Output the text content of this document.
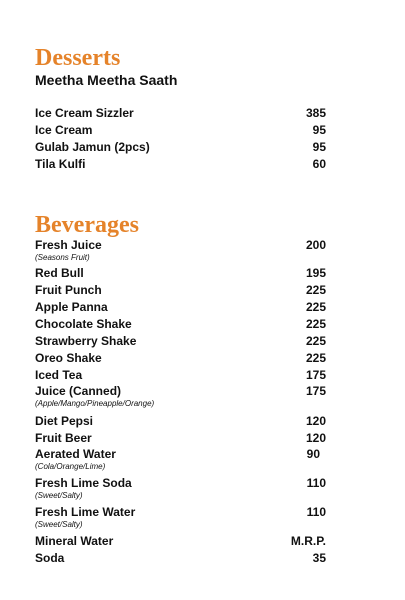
Desserts
Meetha Meetha Saath
Ice Cream Sizzler	385
Ice Cream	95
Gulab Jamun (2pcs)	95
Tila Kulfi	60
Beverages
Fresh Juice	200
(Seasons Fruit)
Red Bull	195
Fruit Punch	225
Apple Panna	225
Chocolate Shake	225
Strawberry Shake	225
Oreo Shake	225
Iced Tea	175
Juice (Canned)	175
(Apple/Mango/Pineapple/Orange)
Diet Pepsi	120
Fruit Beer	120
Aerated Water	90
(Cola/Orange/Lime)
Fresh Lime Soda	110
(Sweet/Salty)
Fresh Lime Water	110
(Sweet/Salty)
Mineral Water	M.R.P.
Soda	35
